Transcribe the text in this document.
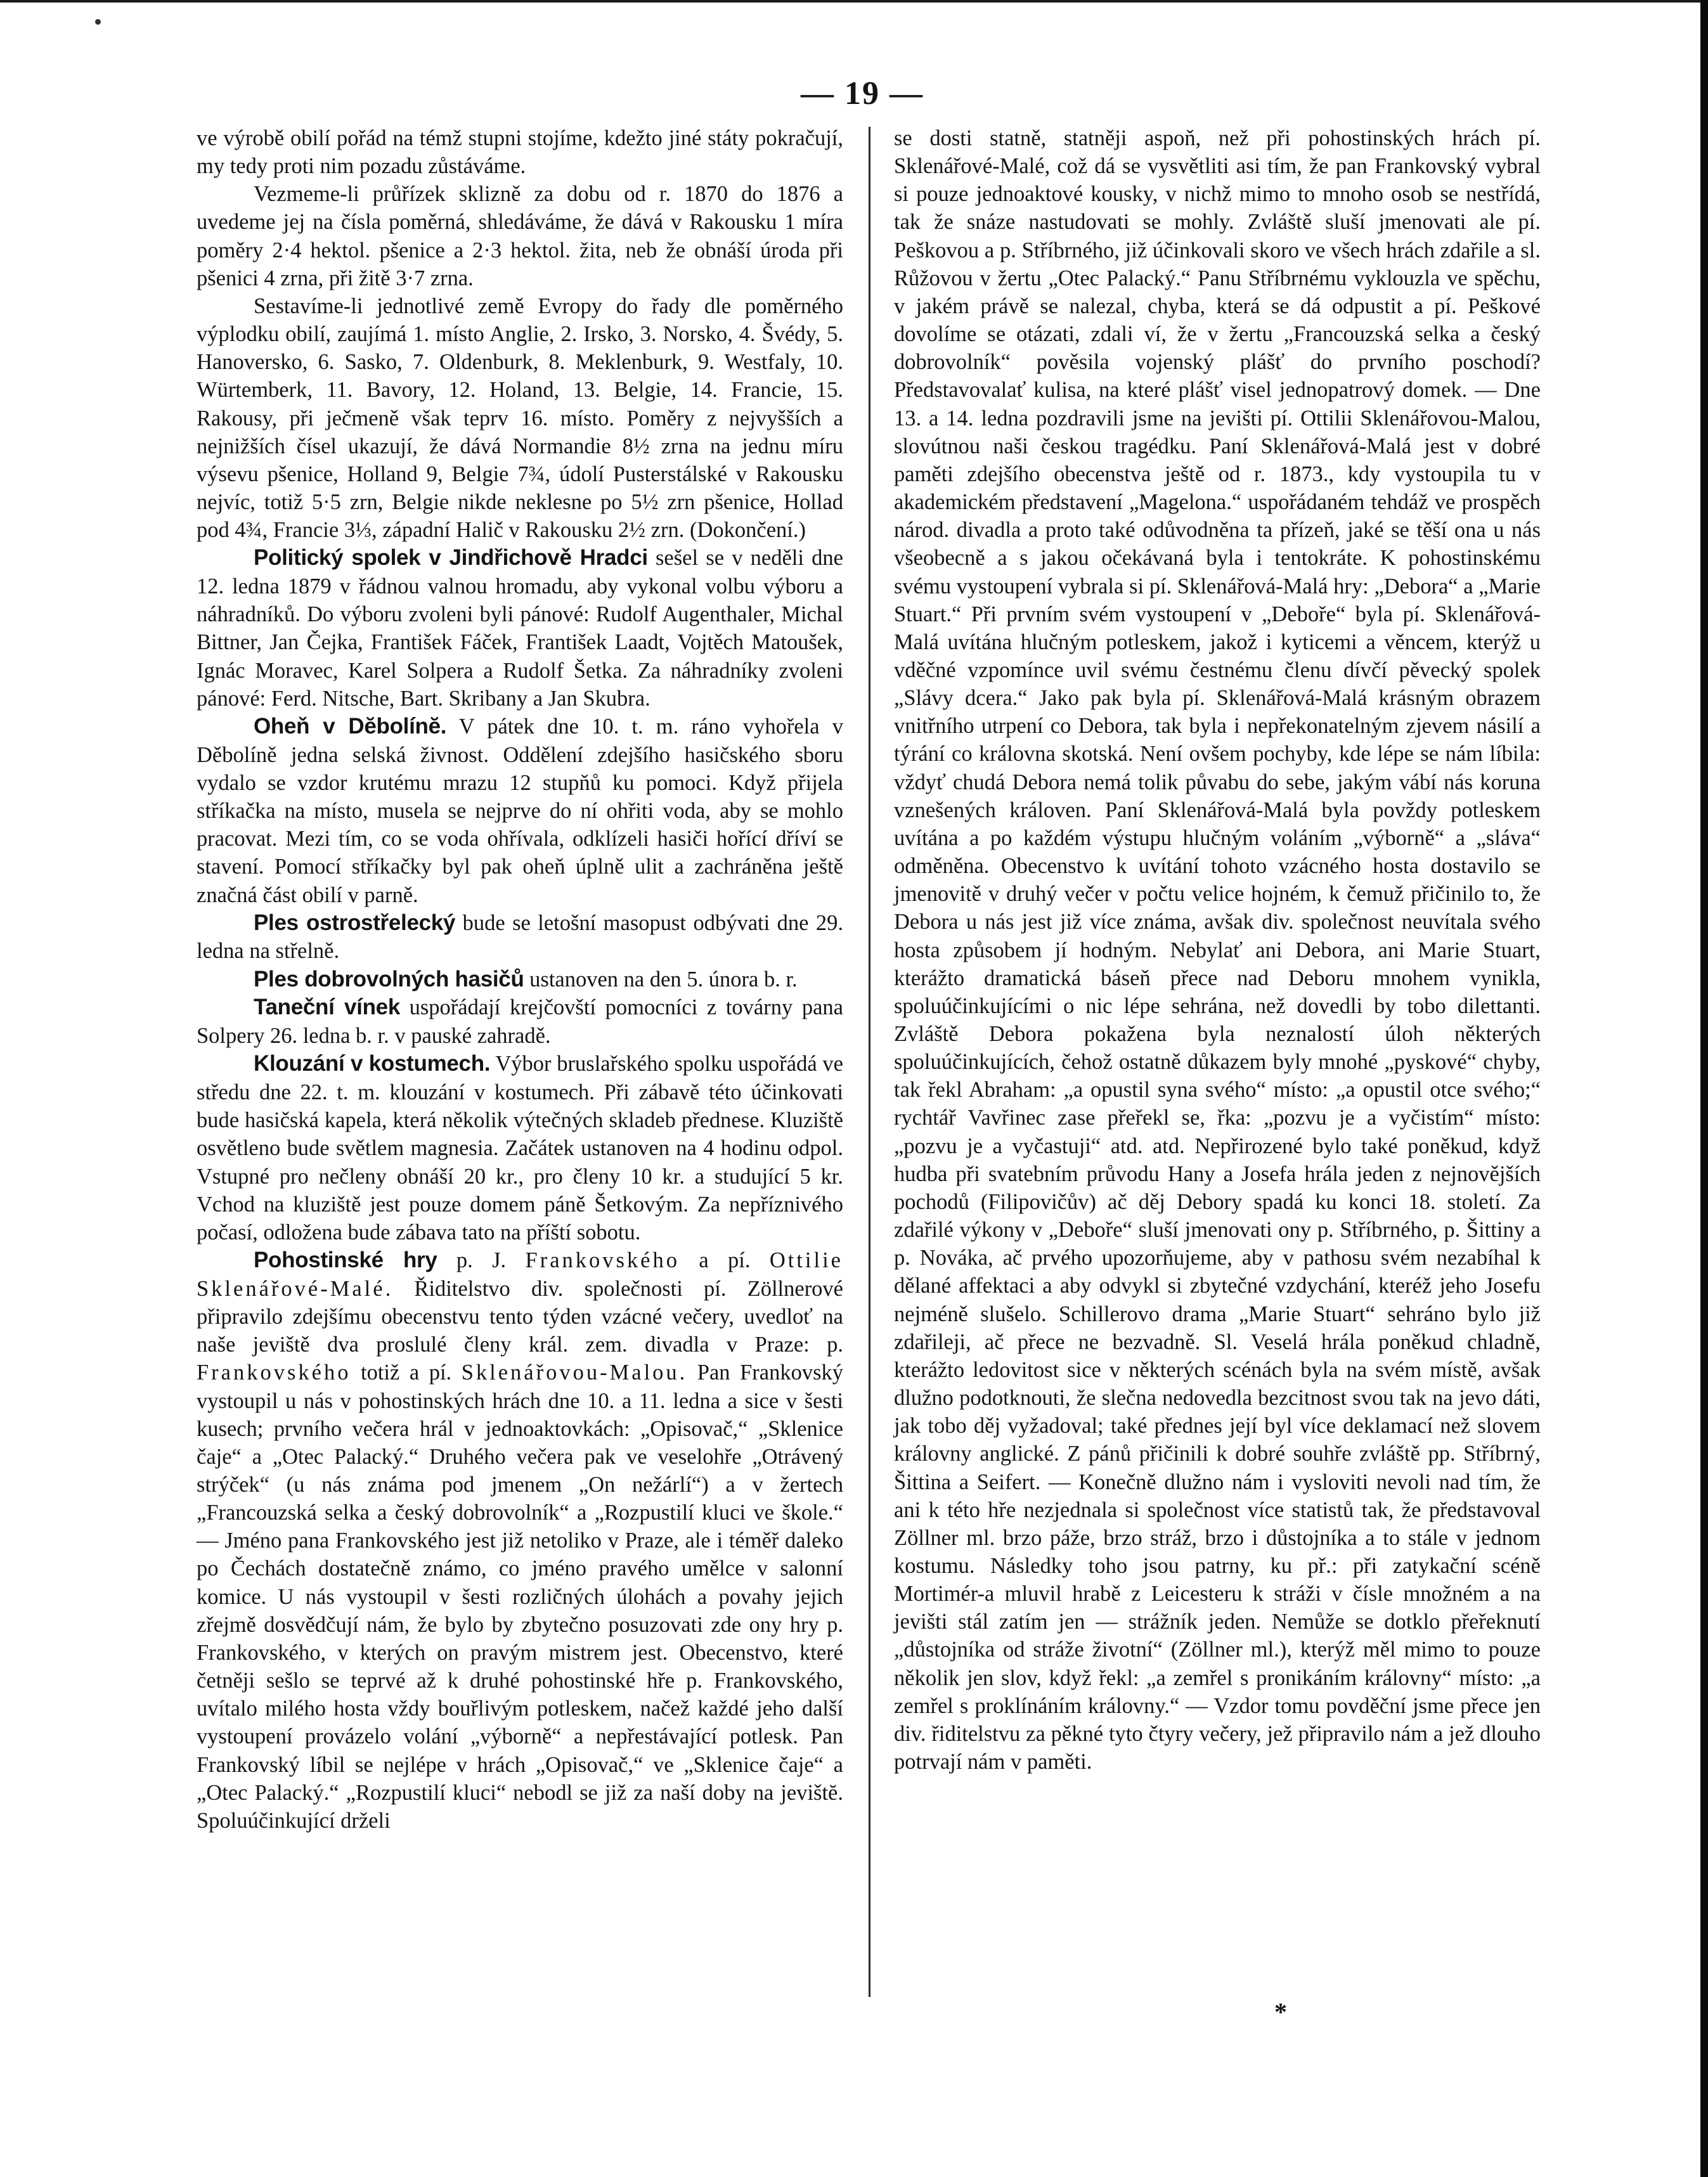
— 19 —

ve výrobě obilí pořád na témž stupni stojíme, kdežto jiné státy pokračují, my tedy proti nim pozadu zůstáváme.

Vezmeme-li průřízek sklizně za dobu od r. 1870 do 1876 a uvedeme jej na čísla poměrná, shledáváme, že dává v Rakousku 1 míra poměry 2·4 hektol. pšenice a 2·3 hektol. žita, neb že obnáší úroda při pšenici 4 zrna, při žitě 3·7 zrna.

Sestavíme-li jednotlivé země Evropy do řady dle poměrného výplodku obilí, zaujímá 1. místo Anglie, 2. Irsko, 3. Norsko, 4. Švédy, 5. Hanoversko, 6. Sasko, 7. Oldenburk, 8. Meklenburk, 9. Westfaly, 10. Würtemberk, 11. Bavory, 12. Holand, 13. Belgie, 14. Francie, 15. Rakousy, při ječmeně však teprv 16. místo. Poměry z nejvyšších a nejnižších čísel ukazují, že dává Normandie 8½ zrna na jednu míru výsevu pšenice, Holland 9, Belgie 7¾, údolí Pusterstálské v Rakousku nejvíc, totiž 5·5 zrn, Belgie nikde neklesne po 5½ zrn pšenice, Hollad pod 4¾, Francie 3⅓, západní Halič v Rakousku 2½ zrn. (Dokončení.)

Politický spolek v Jindřichově Hradci sešel se v neděli dne 12. ledna 1879 v řádnou valnou hromadu, aby vykonal volbu výboru a náhradníků. Do výboru zvoleni byli pánové: Rudolf Augenthaler, Michal Bittner, Jan Čejka, František Fáček, František Laadt, Vojtěch Matoušek, Ignác Moravec, Karel Solpera a Rudolf Šetka. Za náhradníky zvoleni pánové: Ferd. Nitsche, Bart. Skribany a Jan Skubra.

Oheň v Dĕbolínĕ. V pátek dne 10. t. m. ráno vyhořela v Děbolíně jedna selská živnost. Oddělení zdejšího hasičského sboru vydalo se vzdor krutému mrazu 12 stupňů ku pomoci. Když přijela stříkačka na místo, musela se nejprve do ní ohřiti voda, aby se mohlo pracovat. Mezi tím, co se voda ohřívala, odklízeli hasiči hořící dříví se stavení. Pomocí stříkačky byl pak oheň úplně ulit a zachráněna ještě značná část obilí v parně.

Ples ostrostřelecký bude se letošní masopust odbývati dne 29. ledna na střelně.

Ples dobrovolných hasičů ustanoven na den 5. února b. r.

Taneční vínek uspořádají krejčovští pomocníci z továrny pana Solpery 26. ledna b. r. v pauské zahradě.

Klouzání v kostumech. Výbor bruslařského spolku uspořádá ve středu dne 22. t. m. klouzání v kostumech. Při zábavě této účinkovati bude hasičská kapela, která několik výtečných skladeb přednese. Kluziště osvětleno bude světlem magnesia. Začátek ustanoven na 4 hodinu odpol. Vstupné pro nečleny obnáší 20 kr., pro členy 10 kr. a studující 5 kr. Vchod na kluziště jest pouze domem páně Šetkovým. Za nepříznivého počasí, odložena bude zábava tato na příští sobotu.

Pohostinské hry p. J. Frankovského a pí. Ottilie Sklenářové-Malé. Řiditelstvo div. společnosti pí. Zöllnerové připravilo zdejšímu obecenstvu tento týden vzácné večery, uvedloť na naše jeviště dva proslulé členy král. zem. divadla v Praze: p. Frankovského totiž a pí. Sklenářovou-Malou. Pan Frankovský vystoupil u nás v pohostinských hrách dne 10. a 11. ledna a sice v šesti kusech; prvního večera hrál v jednoaktovkách: „Opisovač,“ „Sklenice čaje“ a „Otec Palacký.“ Druhého večera pak ve veselohře „Otrávený strýček“ (u nás známa pod jmenem „On nežárlí“) a v žertech „Francouzská selka a český dobrovolník“ a „Rozpustilí kluci ve škole.“ — Jméno pana Frankovského jest již netoliko v Praze, ale i téměř daleko po Čechách dostatečně známo, co jméno pravého umělce v salonní komice. U nás vystoupil v šesti rozličných úlohách a povahy jejich zřejmě dosvědčují nám, že bylo by zbytečno posuzovati zde ony hry p. Frankovského, v kterých on pravým mistrem jest. Obecenstvo, které četněji sešlo se teprvé až k druhé pohostinské hře p. Frankovského, uvítalo milého hosta vždy bouřlivým potleskem, načež každé jeho další vystoupení provázelo volání „výborně“ a nepřestávající potlesk. Pan Frankovský líbil se nejlépe v hrách „Opisovač,“ ve „Sklenice čaje“ a „Otec Palacký.“ „Rozpustilí kluci“ nebodl se již za naší doby na jevištĕ. Spoluúčinkující drželi

se dosti statně, statněji aspoň, než při pohostinských hrách pí. Sklenářové-Malé, což dá se vysvětliti asi tím, že pan Frankovský vybral si pouze jednoaktové kousky, v nichž mimo to mnoho osob se nestřídá, tak že snáze nastudovati se mohly. Zvláště sluší jmenovati ale pí. Peškovou a p. Stříbrného, již účinkovali skoro ve všech hrách zdařile a sl. Růžovou v žertu „Otec Palacký.“ Panu Stříbrnému vyklouzla ve spěchu, v jakém právě se nalezal, chyba, která se dá odpustit a pí. Peškové dovolíme se otázati, zdali ví, že v žertu „Francouzská selka a český dobrovolník“ pověsila vojenský plášť do prvního poschodí? Představovalať kulisa, na které plášť visel jednopatrový domek. — Dne 13. a 14. ledna pozdravili jsme na jevišti pí. Ottilii Sklenářovou-Malou, slovútnou naši českou tragédku. Paní Sklenářová-Malá jest v dobré paměti zdejšího obecenstva ještě od r. 1873., kdy vystoupila tu v akademickém představení „Magelona.“ uspořádaném tehdáž ve prospěch národ. divadla a proto také odůvodněna ta přízeň, jaké se těší ona u nás všeobecně a s jakou očekávaná byla i tentokráte. K pohostinskému svému vystoupení vybrala si pí. Sklenářová-Malá hry: „Debora“ a „Marie Stuart.“ Při prvním svém vystoupení v „Deboře“ byla pí. Sklenářová-Malá uvítána hlučným potleskem, jakož i kyticemi a věncem, kterýž u vděčné vzpomínce uvil svému čestnému členu dívčí pěvecký spolek „Slávy dcera.“ Jako pak byla pí. Sklenářová-Malá krásným obrazem vnitřního utrpení co Debora, tak byla i nepřekonatelným zjevem násilí a týrání co královna skotská. Není ovšem pochyby, kde lépe se nám líbila: vždyť chudá Debora nemá tolik půvabu do sebe, jakým vábí nás koruna vznešených královen. Paní Sklenářová-Malá byla povždy potleskem uvítána a po každém výstupu hlučným voláním „výborně“ a „sláva“ odměněna. Obecenstvo k uvítání tohoto vzácného hosta dostavilo se jmenovitě v druhý večer v počtu velice hojném, k čemuž přičinilo to, že Debora u nás jest již více známa, avšak div. společnost neuvítala svého hosta způsobem jí hodným. Nebylať ani Debora, ani Marie Stuart, kterážto dramatická báseň přece nad Deboru mnohem vynikla, spoluúčinkujícími o nic lépe sehrána, než dovedli by tobo dilettanti. Zvláště Debora pokažena byla neznalostí úloh některých spoluúčinkujících, čehož ostatně důkazem byly mnohé „pyskové“ chyby, tak řekl Abraham: „a opustil syna svého“ místo: „a opustil otce svého;“ rychtář Vavřinec zase přeřekl se, řka: „pozvu je a vyčistím“ místo: „pozvu je a vyčastuji“ atd. atd. Nepřirozené bylo také poněkud, když hudba při svatebním průvodu Hany a Josefa hrála jeden z nejnovějších pochodů (Filipovičův) ač děj Debory spadá ku konci 18. století. Za zdařilé výkony v „Deboře“ sluší jmenovati ony p. Stříbrného, p. Šittiny a p. Nováka, ač prvého upozorňujeme, aby v pathosu svém nezabíhal k dělané affektaci a aby odvykl si zbytečné vzdychání, kteréž jeho Josefu nejméně slušelo. Schillerovo drama „Marie Stuart“ sehráno bylo již zdařileji, ač přece ne bezvadně. Sl. Veselá hrála poněkud chladně, kterážto ledovitost sice v některých scénách byla na svém místě, avšak dlužno podotknouti, že slečna nedovedla bezcitnost svou tak na jevo dáti, jak tobo děj vyžadoval; také přednes její byl více deklamací než slovem královny anglické. Z pánů přičinili k dobré souhře zvláště pp. Stříbrný, Šittina a Seifert. — Konečně dlužno nám i vysloviti nevoli nad tím, že ani k této hře nezjednala si společnost více statistů tak, že představoval Zöllner ml. brzo páže, brzo stráž, brzo i důstojníka a to stále v jednom kostumu. Následky toho jsou patrny, ku př.: při zatykační scéně Mortimér-a mluvil hrabě z Leicesteru k stráži v čísle množném a na jevišti stál zatím jen — strážník jeden. Nemůže se dotklo přeřeknutí „důstojníka od stráže životní“ (Zöllner ml.), kterýž měl mimo to pouze několik jen slov, když řekl: „a zemřel s pronikáním královny“ místo: „a zemřel s proklínáním královny.“ — Vzdor tomu povděční jsme přece jen div. řiditelstvu za pěkné tyto čtyry večery, jež připravilo nám a jež dlouho potrvají nám v paměti.

*
